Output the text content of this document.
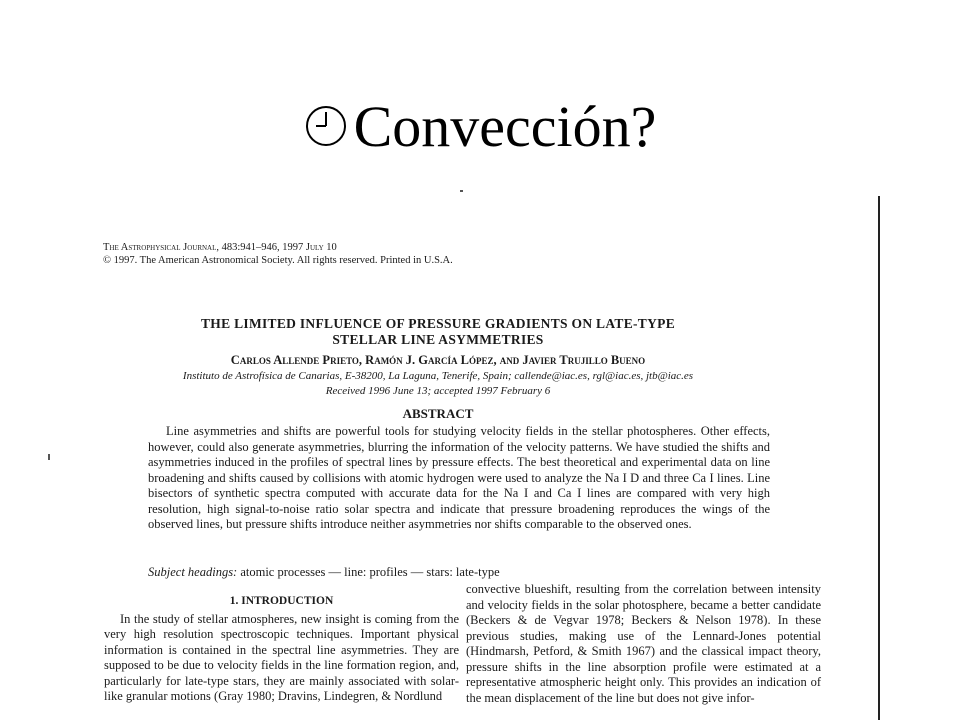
Convección?
The Astrophysical Journal, 483:941–946, 1997 July 10
© 1997. The American Astronomical Society. All rights reserved. Printed in U.S.A.
THE LIMITED INFLUENCE OF PRESSURE GRADIENTS ON LATE-TYPE
STELLAR LINE ASYMMETRIES
Carlos Allende Prieto, Ramón J. García López, and Javier Trujillo Bueno
Instituto de Astrofísica de Canarias, E-38200, La Laguna, Tenerife, Spain; callende@iac.es, rgl@iac.es, jtb@iac.es
Received 1996 June 13; accepted 1997 February 6
ABSTRACT

Line asymmetries and shifts are powerful tools for studying velocity fields in the stellar photospheres. Other effects, however, could also generate asymmetries, blurring the information of the velocity patterns. We have studied the shifts and asymmetries induced in the profiles of spectral lines by pressure effects. The best theoretical and experimental data on line broadening and shifts caused by collisions with atomic hydrogen were used to analyze the Na I D and three Ca I lines. Line bisectors of synthetic spectra computed with accurate data for the Na I and Ca I lines are compared with very high resolution, high signal-to-noise ratio solar spectra and indicate that pressure broadening reproduces the wings of the observed lines, but pressure shifts introduce neither asymmetries nor shifts comparable to the observed ones.

Subject headings: atomic processes — line: profiles — stars: late-type

1. INTRODUCTION

In the study of stellar atmospheres, new insight is coming from the very high resolution spectroscopic techniques. Important physical information is contained in the spectral line asymmetries. They are supposed to be due to velocity fields in the line formation region, and, particularly for late-type stars, they are mainly associated with solar-like granular motions (Gray 1980; Dravins, Lindegren, & Nordlund

convective blueshift, resulting from the correlation between intensity and velocity fields in the solar photosphere, became a better candidate (Beckers & de Vegvar 1978; Beckers & Nelson 1978). In these previous studies, making use of the Lennard-Jones potential (Hindmarsh, Petford, & Smith 1967) and the classical impact theory, pressure shifts in the line absorption profile were estimated at a representative atmospheric height only. This provides an indication of the mean displacement of the line but does not give infor-
